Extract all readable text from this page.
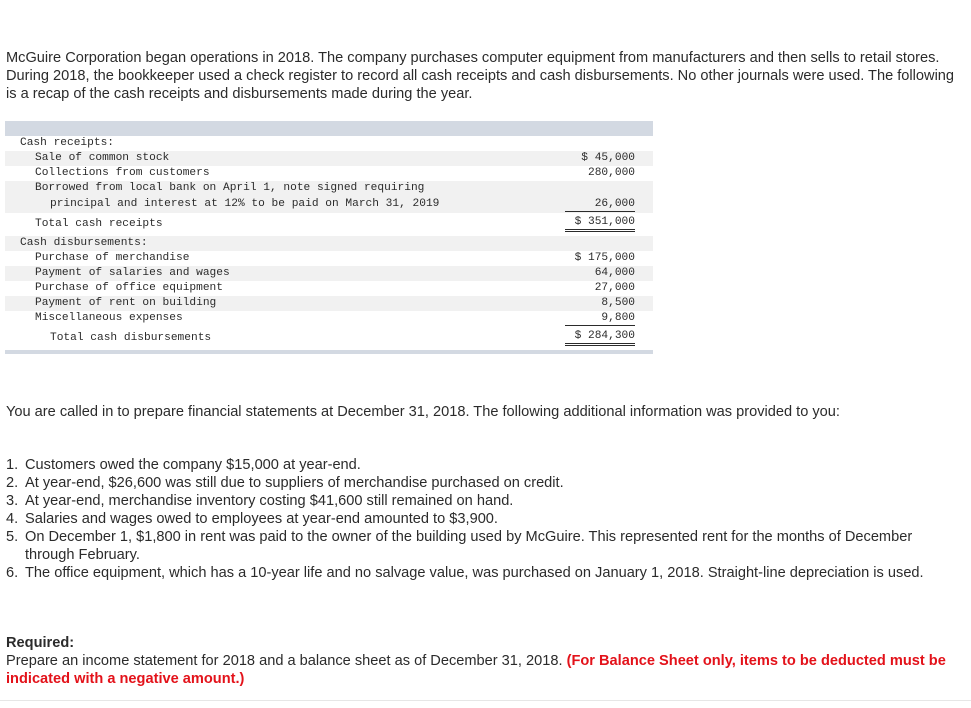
McGuire Corporation began operations in 2018. The company purchases computer equipment from manufacturers and then sells to retail stores. During 2018, the bookkeeper used a check register to record all cash receipts and cash disbursements. No other journals were used. The following is a recap of the cash receipts and disbursements made during the year.

Cash receipts:
Sale of common stock	$ 45,000
Collections from customers	280,000
Borrowed from local bank on April 1, note signed requiring
principal and interest at 12% to be paid on March 31, 2019	26,000
Total cash receipts	$ 351,000
Cash disbursements:
Purchase of merchandise	$ 175,000
Payment of salaries and wages	64,000
Purchase of office equipment	27,000
Payment of rent on building	8,500
Miscellaneous expenses	9,800
Total cash disbursements	$ 284,300

You are called in to prepare financial statements at December 31, 2018. The following additional information was provided to you:

1. Customers owed the company $15,000 at year-end.
2. At year-end, $26,600 was still due to suppliers of merchandise purchased on credit.
3. At year-end, merchandise inventory costing $41,600 still remained on hand.
4. Salaries and wages owed to employees at year-end amounted to $3,900.
5. On December 1, $1,800 in rent was paid to the owner of the building used by McGuire. This represented rent for the months of December through February.
6. The office equipment, which has a 10-year life and no salvage value, was purchased on January 1, 2018. Straight-line depreciation is used.
Required:
Prepare an income statement for 2018 and a balance sheet as of December 31, 2018. (For Balance Sheet only, items to be deducted must be indicated with a negative amount.)
